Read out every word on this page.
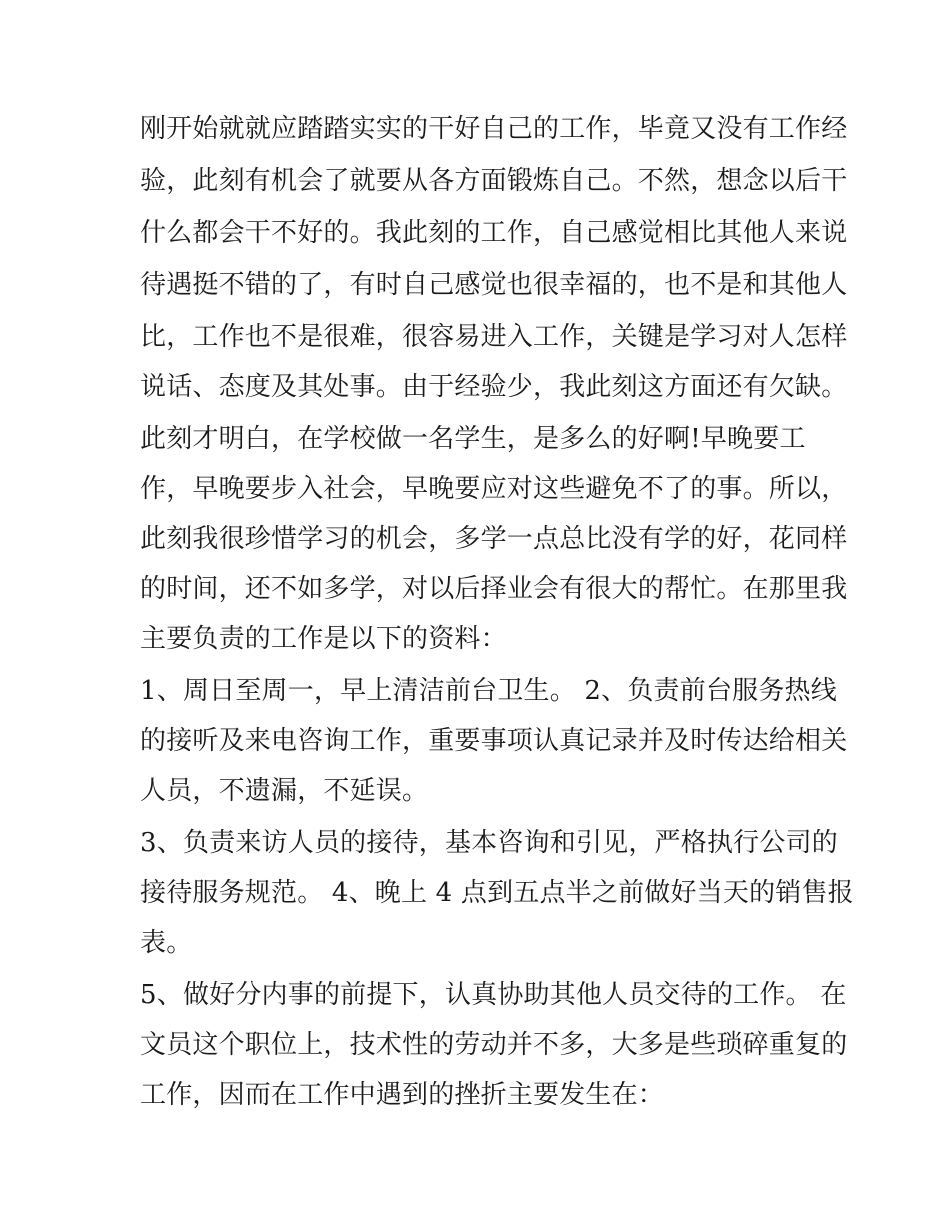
刚开始就就应踏踏实实的干好自己的工作，毕竟又没有工作经
验，此刻有机会了就要从各方面锻炼自己。不然，想念以后干
什么都会干不好的。我此刻的工作，自己感觉相比其他人来说
待遇挺不错的了，有时自己感觉也很幸福的，也不是和其他人
比，工作也不是很难，很容易进入工作，关键是学习对人怎样
说话、态度及其处事。由于经验少，我此刻这方面还有欠缺。
此刻才明白，在学校做一名学生，是多么的好啊!早晚要工
作，早晚要步入社会，早晚要应对这些避免不了的事。所以，
此刻我很珍惜学习的机会，多学一点总比没有学的好，花同样
的时间，还不如多学，对以后择业会有很大的帮忙。在那里我
主要负责的工作是以下的资料：
1、周日至周一，早上清洁前台卫生。 2、负责前台服务热线
的接听及来电咨询工作，重要事项认真记录并及时传达给相关
人员，不遗漏，不延误。
3、负责来访人员的接待，基本咨询和引见，严格执行公司的
接待服务规范。 4、晚上 4 点到五点半之前做好当天的销售报
表。
5、做好分内事的前提下，认真协助其他人员交待的工作。 在
文员这个职位上，技术性的劳动并不多，大多是些琐碎重复的
工作，因而在工作中遇到的挫折主要发生在：
